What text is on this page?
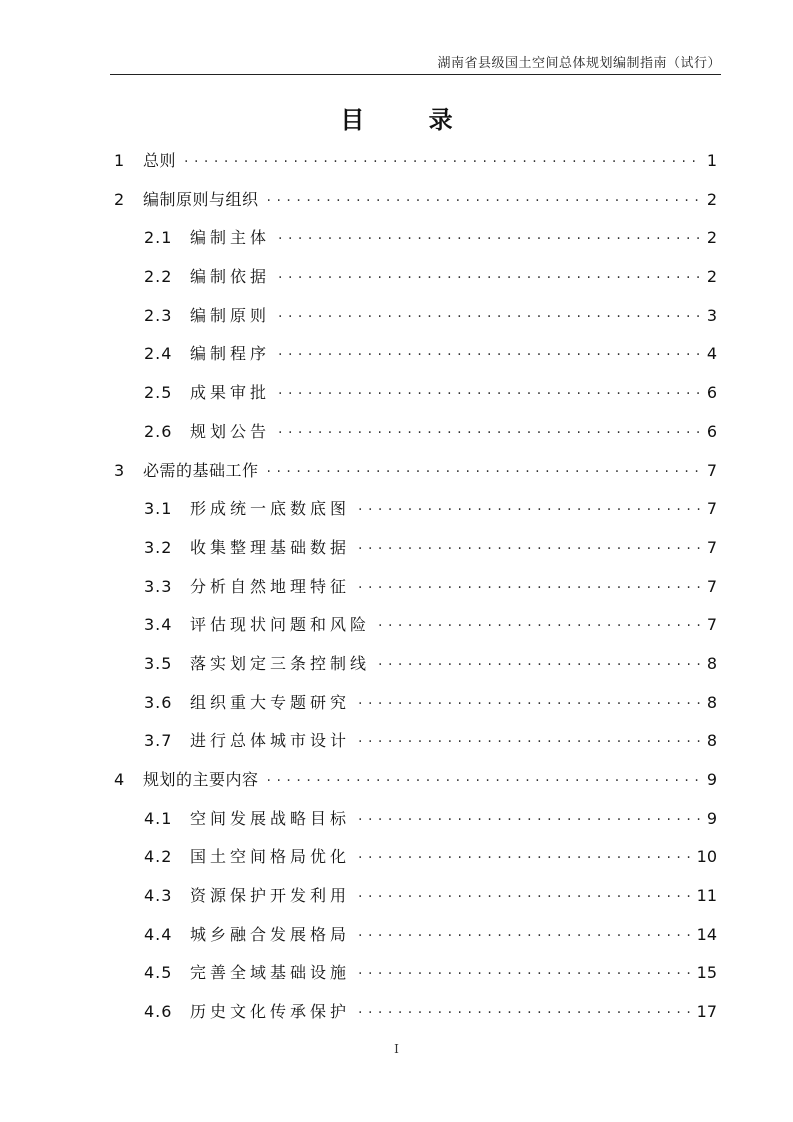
湖南省县级国土空间总体规划编制指南（试行）
目 录
1	总则 ·····	1
2	编制原则与组织 ·····	2
2.1	编制主体 ·····	2
2.2	编制依据 ·····	2
2.3	编制原则 ·····	3
2.4	编制程序 ·····	4
2.5	成果审批 ·····	6
2.6	规划公告 ·····	6
3	必需的基础工作 ·····	7
3.1	形成统一底数底图 ·····	7
3.2	收集整理基础数据 ·····	7
3.3	分析自然地理特征 ·····	7
3.4	评估现状问题和风险 ·····	7
3.5	落实划定三条控制线 ·····	8
3.6	组织重大专题研究 ·····	8
3.7	进行总体城市设计 ·····	8
4	规划的主要内容 ·····	9
4.1	空间发展战略目标 ·····	9
4.2	国土空间格局优化 ·····	10
4.3	资源保护开发利用 ·····	11
4.4	城乡融合发展格局 ·····	14
4.5	完善全域基础设施 ·····	15
4.6	历史文化传承保护 ·····	17
I
